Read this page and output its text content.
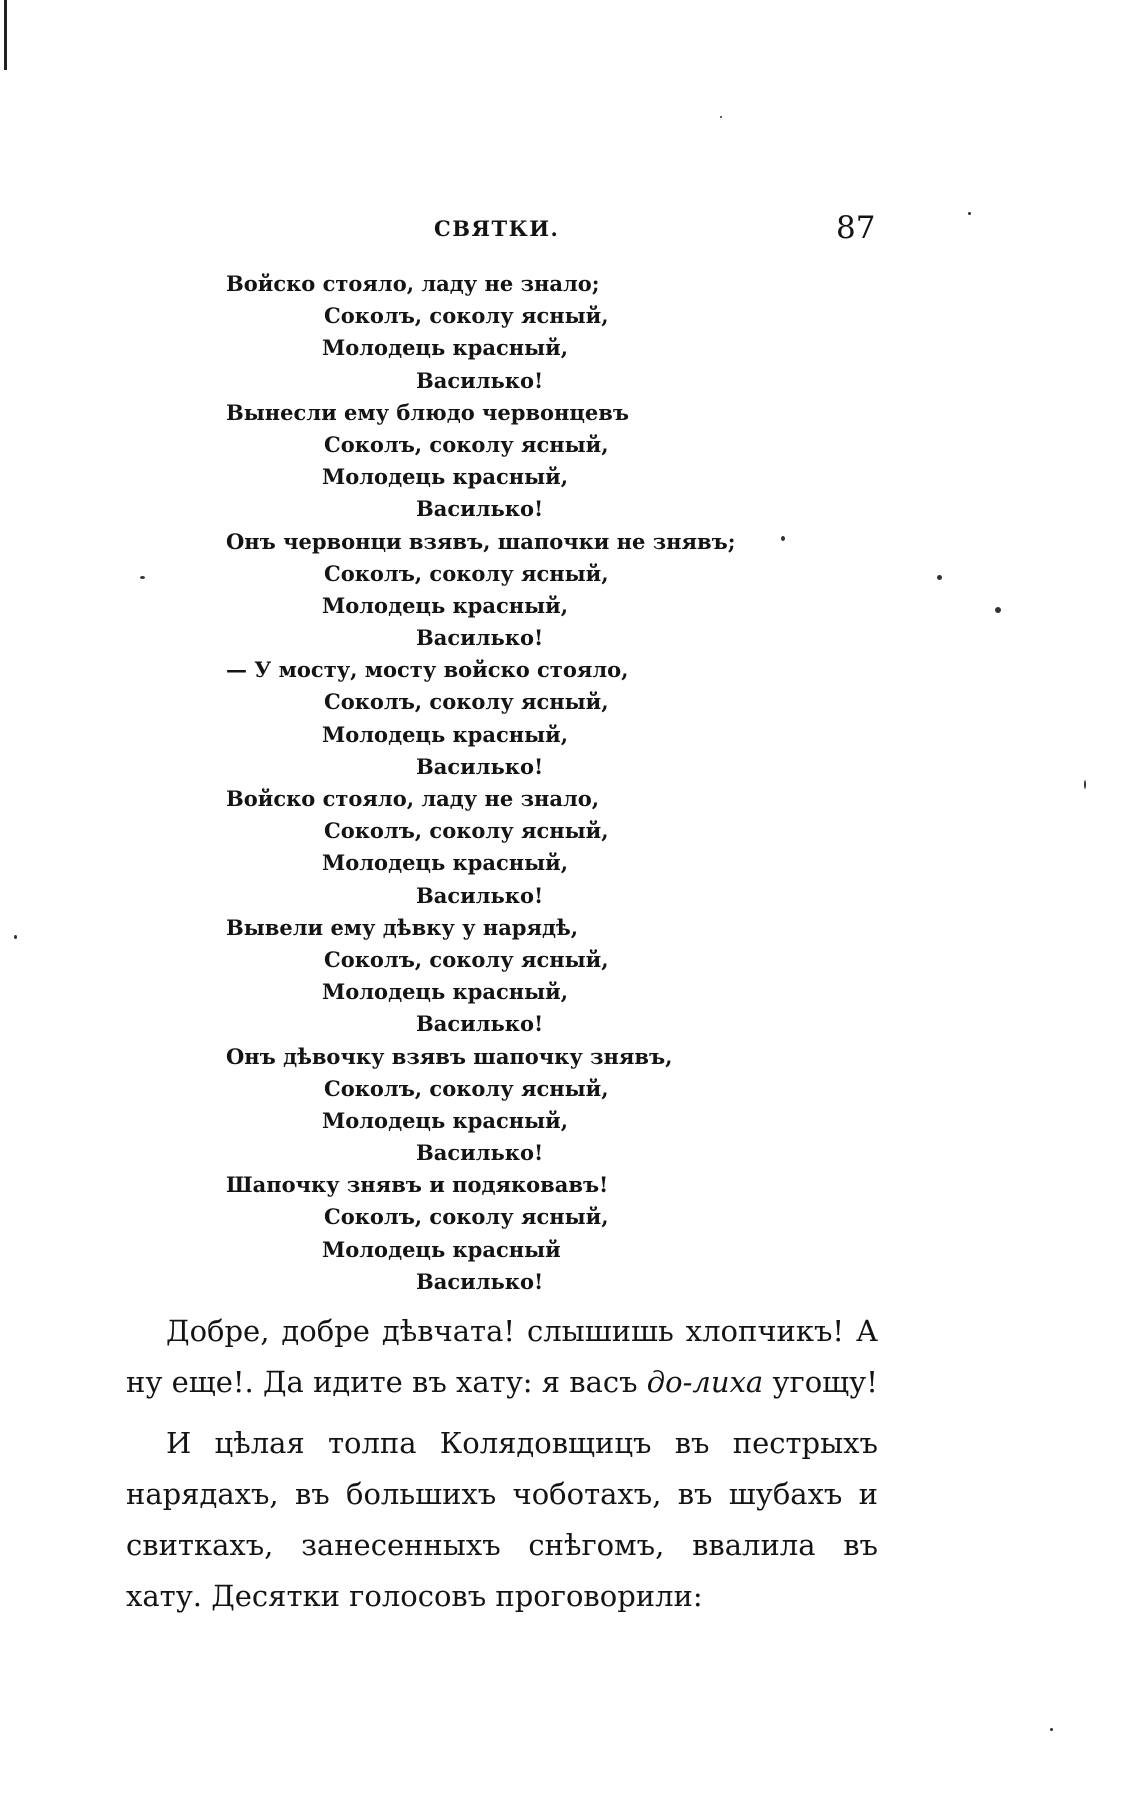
СВЯТКИ.	87
Войско стояло, ладу не знало;
Соколъ, соколу ясный,
Молодець красный,
Василько!
Вынесли ему блюдо червонцевъ
Соколъ, соколу ясный,
Молодець красный,
Василько!
Онъ червонци взявъ, шапочки не знявъ;
Соколъ, соколу ясный,
Молодець красный,
Василько!
— У мосту, мосту войско стояло,
Соколъ, соколу ясный,
Молодець красный,
Василько!
Войско стояло, ладу не знало,
Соколъ, соколу ясный,
Молодець красный,
Василько!
Вывели ему дѣвку у нарядѣ,
Соколъ, соколу ясный,
Молодець красный,
Василько!
Онъ дѣвочку взявъ шапочку знявъ,
Соколъ, соколу ясный,
Молодець красный,
Василько!
Шапочку знявъ и подяковавъ!
Соколъ, соколу ясный,
Молодець красный
Василько!

Добре, добре дѣвчата! слышишь хлопчикъ! А ну еще!. Да идите въ хату: я васъ до-лиха угощу!

И цѣлая толпа Колядовщицъ въ пестрыхъ нарядахъ, въ большихъ чоботахъ, въ шубахъ и свиткахъ, занесенныхъ снѣгомъ, ввалила въ хату. Десятки голосовъ проговорили:
